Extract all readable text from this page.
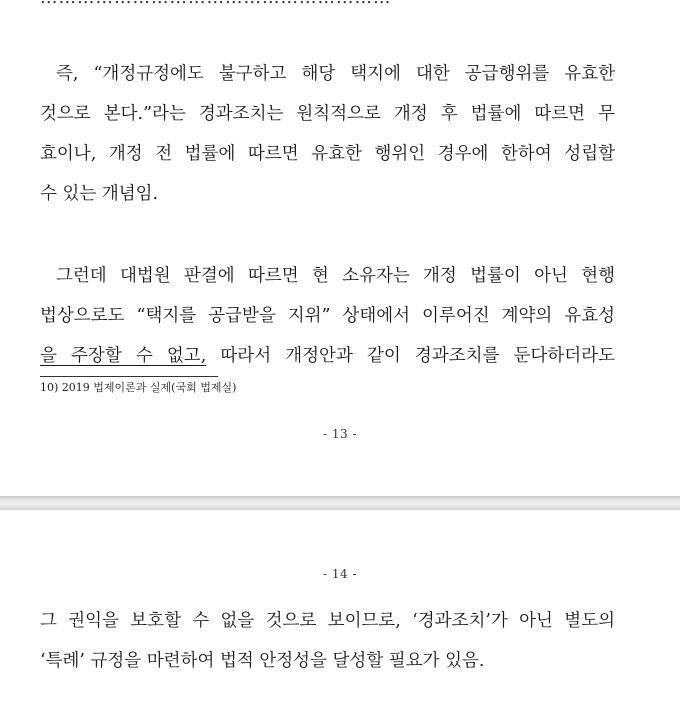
즉, “개정규정에도 불구하고 해당 택지에 대한 공급행위를 유효한
것으로 본다.”라는 경과조치는 원칙적으로 개정 후 법률에 따르면 무
효이나, 개정 전 법률에 따르면 유효한 행위인 경우에 한하여 성립할
수 있는 개념임.
그런데 대법원 판결에 따르면 현 소유자는 개정 법률이 아닌 현행
법상으로도 “택지를 공급받을 지위” 상태에서 이루어진 계약의 유효성
을 주장할 수 없고, 따라서 개정안과 같이 경과조치를 둔다하더라도
10) 2019 법제이론과 실제(국회 법제실)
- 13 -
- 14 -
그 권익을 보호할 수 없을 것으로 보이므로, ‘경과조치’가 아닌 별도의
‘특례’ 규정을 마련하여 법적 안정성을 달성할 필요가 있음.
